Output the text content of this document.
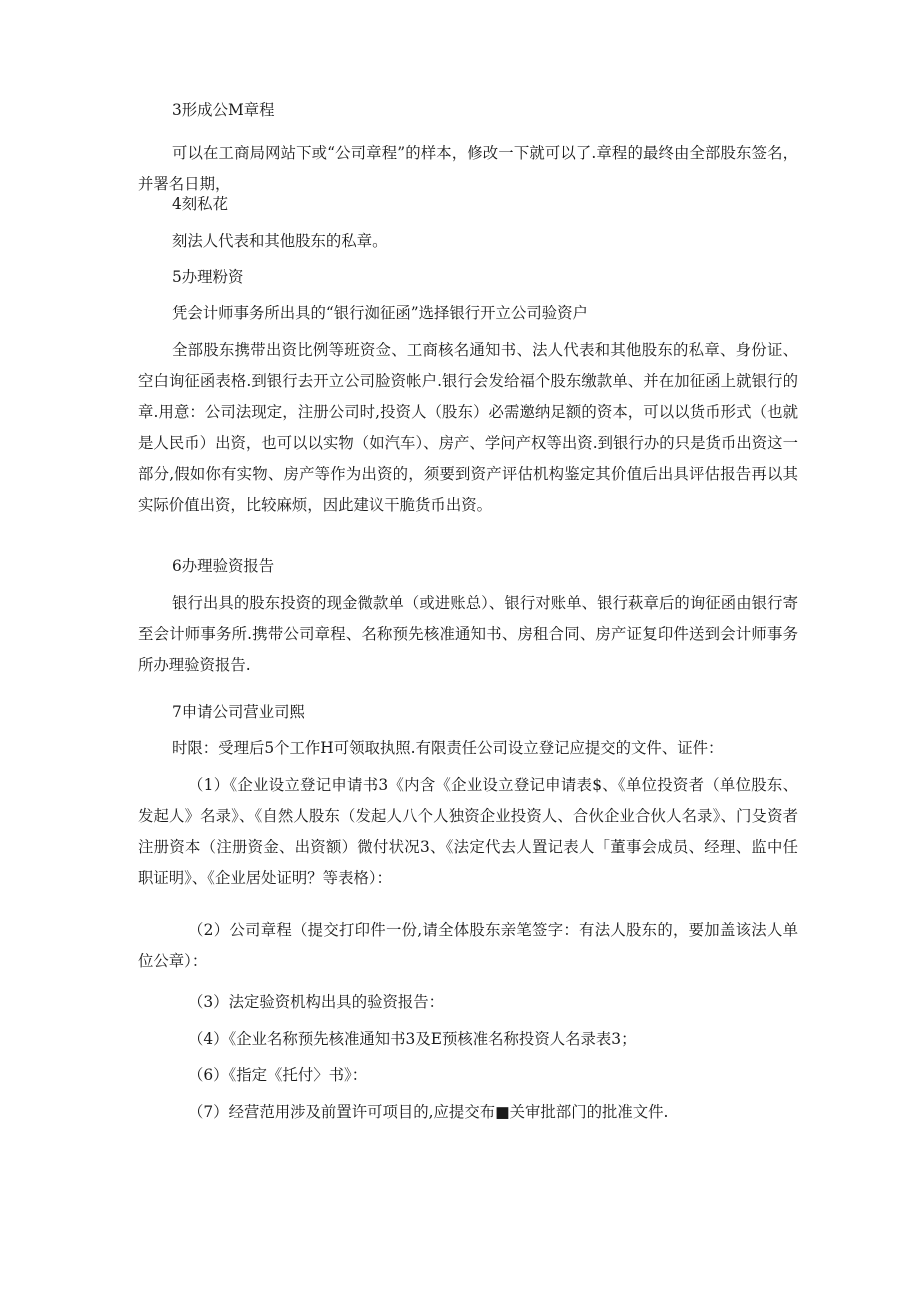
3形成公M章程

可以在工商局网站下或“公司章程”的样本，修改一下就可以了.章程的最终由全部股东签名，并署名日期，

4刻私花

刻法人代表和其他股东的私章。

5办理粉资

凭会计师事务所出具的“银行洳征函”选择银行开立公司验资户

全部股东携带出资比例等班资佥、工商核名通知书、法人代表和其他股东的私章、身份证、空白询征函表格.到银行去开立公司脸资帐户.银行会发给福个股东缴款单、并在加征函上就银行的章.用意：公司法现定，注册公司时,投资人（股东）必需邀纳足额的资本，可以以货币形式（也就是人民币）出资，也可以以实物（如汽车）、房产、学问产权等出资.到银行办的只是货币出资这一部分,假如你有实物、房产等作为出资的，须要到资产评估机构鉴定其价值后出具评估报告再以其实际价值出资，比较麻烦，因此建议干脆货币出资。

6办理验资报告

银行出具的股东投资的现金微款单（或进账总）、银行对账单、银行萩章后的询征函由银行寄至会计师事务所.携带公司章程、名称预先核准通知书、房租合同、房产证复印件送到会计师事务所办理验资报告.

7申请公司营业司熙

时限：受理后5个工作H可领取执照.有限责任公司设立登记应提交的文件、证件：

（1）《企业设立登记申请书3《内含《企业设立登记申请表$、《单位投资者（单位股东、发起人》名录》、《自然人股东（发起人八个人独资企业投资人、合伙企业合伙人名录》、门殳资者注册资本（注册资金、出资额）微付状况3、《法定代去人置记表人「董事会成员、经理、监中任职证明》、《企业居处证明？等表格）：

（2）公司章程（提交打印件一份,请全体股东亲笔签字：有法人股东的，要加盖该法人单位公章）：

（3）法定验资机构出具的验资报告：

（4）《企业名称预先核准通知书3及E预核准名称投资人名录表3；

（6）《指定《托付〉书》：

（7）经营范用涉及前置许可项目的,应提交布■关审批部门的批准文件.
